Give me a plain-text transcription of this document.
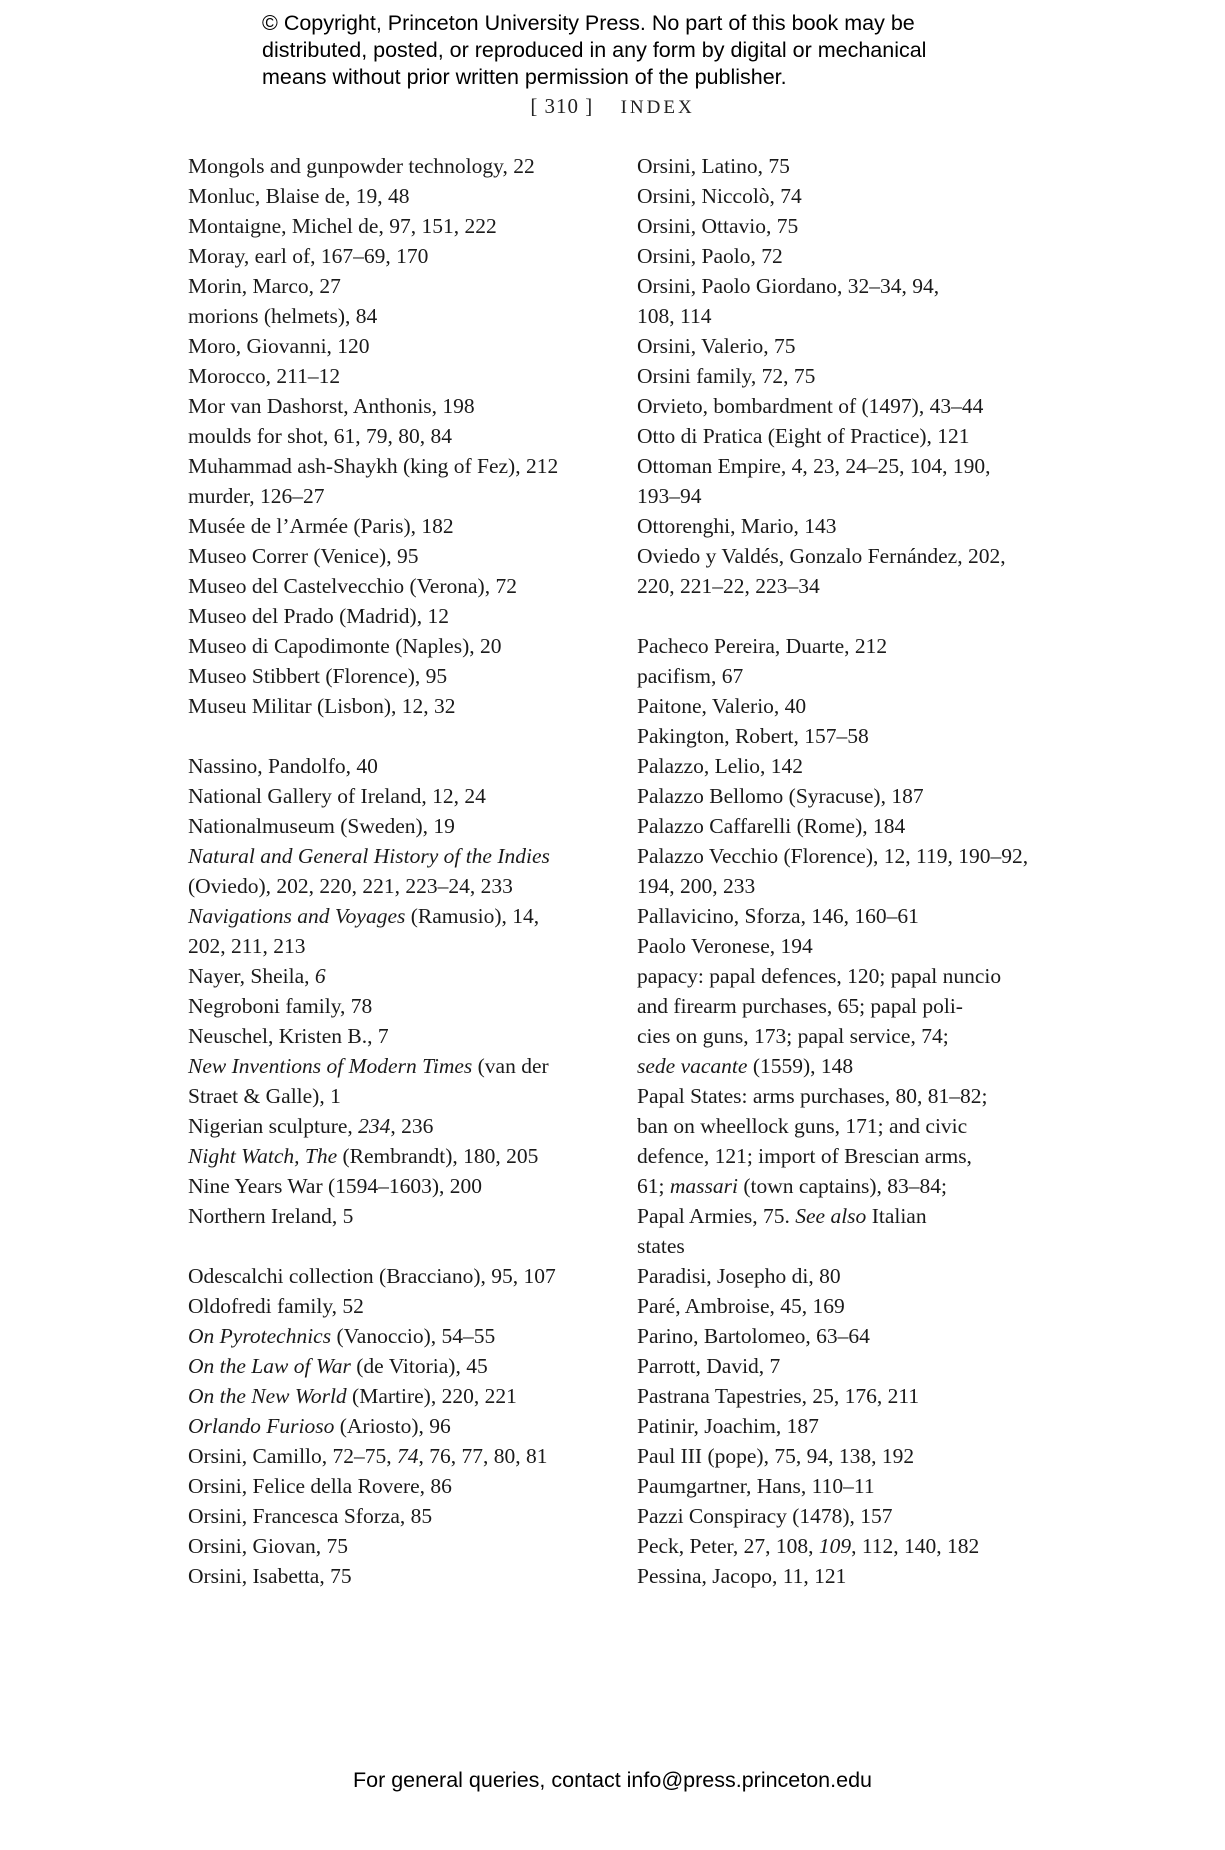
© Copyright, Princeton University Press. No part of this book may be
distributed, posted, or reproduced in any form by digital or mechanical
means without prior written permission of the publisher.
[ 310 ] INDEX
Mongols and gunpowder technology, 22
Monluc, Blaise de, 19, 48
Montaigne, Michel de, 97, 151, 222
Moray, earl of, 167–69, 170
Morin, Marco, 27
morions (helmets), 84
Moro, Giovanni, 120
Morocco, 211–12
Mor van Dashorst, Anthonis, 198
moulds for shot, 61, 79, 80, 84
Muhammad ash-Shaykh (king of Fez), 212
murder, 126–27
Musée de l’Armée (Paris), 182
Museo Correr (Venice), 95
Museo del Castelvecchio (Verona), 72
Museo del Prado (Madrid), 12
Museo di Capodimonte (Naples), 20
Museo Stibbert (Florence), 95
Museu Militar (Lisbon), 12, 32
Nassino, Pandolfo, 40
National Gallery of Ireland, 12, 24
Nationalmuseum (Sweden), 19
Natural and General History of the Indies
(Oviedo), 202, 220, 221, 223–24, 233
Navigations and Voyages (Ramusio), 14,
202, 211, 213
Nayer, Sheila, 6
Negroboni family, 78
Neuschel, Kristen B., 7
New Inventions of Modern Times (van der
Straet & Galle), 1
Nigerian sculpture, 234, 236
Night Watch, The (Rembrandt), 180, 205
Nine Years War (1594–1603), 200
Northern Ireland, 5
Odescalchi collection (Bracciano), 95, 107
Oldofredi family, 52
On Pyrotechnics (Vanoccio), 54–55
On the Law of War (de Vitoria), 45
On the New World (Martire), 220, 221
Orlando Furioso (Ariosto), 96
Orsini, Camillo, 72–75, 74, 76, 77, 80, 81
Orsini, Felice della Rovere, 86
Orsini, Francesca Sforza, 85
Orsini, Giovan, 75
Orsini, Isabetta, 75
Orsini, Latino, 75
Orsini, Niccolò, 74
Orsini, Ottavio, 75
Orsini, Paolo, 72
Orsini, Paolo Giordano, 32–34, 94,
108, 114
Orsini, Valerio, 75
Orsini family, 72, 75
Orvieto, bombardment of (1497), 43–44
Otto di Pratica (Eight of Practice), 121
Ottoman Empire, 4, 23, 24–25, 104, 190,
193–94
Ottorenghi, Mario, 143
Oviedo y Valdés, Gonzalo Fernández, 202,
220, 221–22, 223–34
Pacheco Pereira, Duarte, 212
pacifism, 67
Paitone, Valerio, 40
Pakington, Robert, 157–58
Palazzo, Lelio, 142
Palazzo Bellomo (Syracuse), 187
Palazzo Caffarelli (Rome), 184
Palazzo Vecchio (Florence), 12, 119, 190–92,
194, 200, 233
Pallavicino, Sforza, 146, 160–61
Paolo Veronese, 194
papacy: papal defences, 120; papal nuncio
and firearm purchases, 65; papal poli-
cies on guns, 173; papal service, 74;
sede vacante (1559), 148
Papal States: arms purchases, 80, 81–82;
ban on wheellock guns, 171; and civic
defence, 121; import of Brescian arms,
61; massari (town captains), 83–84;
Papal Armies, 75. See also Italian
states
Paradisi, Josepho di, 80
Paré, Ambroise, 45, 169
Parino, Bartolomeo, 63–64
Parrott, David, 7
Pastrana Tapestries, 25, 176, 211
Patinir, Joachim, 187
Paul III (pope), 75, 94, 138, 192
Paumgartner, Hans, 110–11
Pazzi Conspiracy (1478), 157
Peck, Peter, 27, 108, 109, 112, 140, 182
Pessina, Jacopo, 11, 121
For general queries, contact info@press.princeton.edu
